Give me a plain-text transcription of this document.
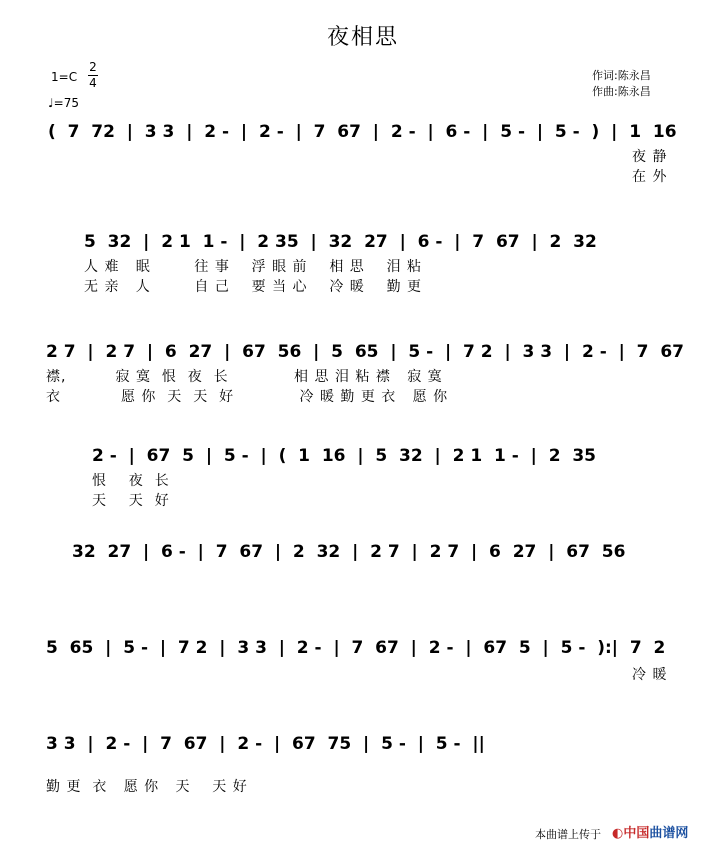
夜相思
1=C
2
4
♩=75
作词:陈永昌
作曲:陈永昌
(  7  72  |  3 3  |  2 -  |  2 -  |  7  67  |  2 -  |  6 -  |  5 -  |  5 -  )  |  1  16
夜 静
在 外
5  32  |  2 1  1 -  |  2 35  |  32  27  |  6 -  |  7  67  |  2  32
人 难   眠        往 事    浮 眼 前    相 思    泪 粘
无 亲   人        自 己    要 当 心    冷 暖    勤 更
2 7  |  2 7  |  6  27  |  67  56  |  5  65  |  5 -  |  7 2  |  3 3  |  2 -  |  7  67
襟,         寂 寞  恨  夜  长            相 思 泪 粘 襟   寂 寞
衣           愿 你  天  天  好            冷 暖 勤 更 衣   愿 你
2 -  |  67  5  |  5 -  |  (  1  16  |  5  32  |  2 1  1 -  |  2  35
恨    夜  长
天    天  好
32  27  |  6 -  |  7  67  |  2  32  |  2 7  |  2 7  |  6  27  |  67  56
5  65  |  5 -  |  7 2  |  3 3  |  2 -  |  7  67  |  2 -  |  67  5  |  5 -  ):|  7  2
冷 暖
3 3  |  2 -  |  7  67  |  2 -  |  67  75  |  5 -  |  5 -  ||
勤 更  衣   愿 你   天    天 好
本曲谱上传于 ◐中国曲谱网
